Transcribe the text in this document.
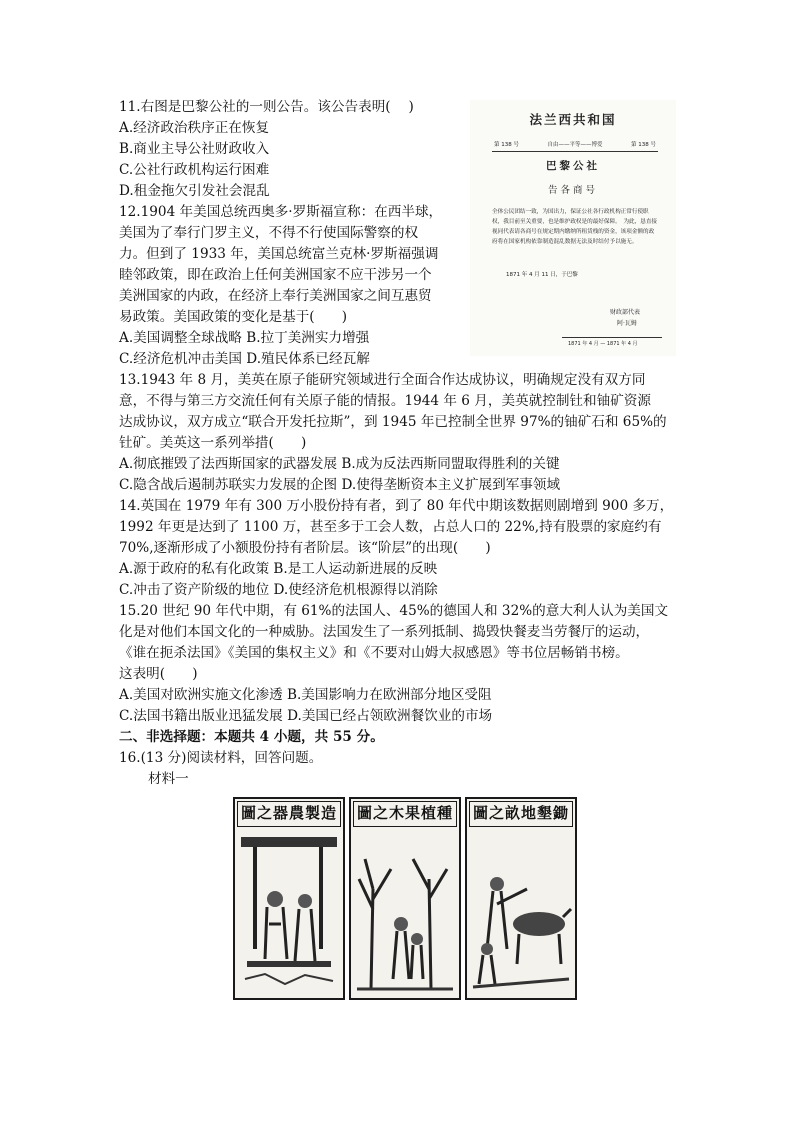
11.右图是巴黎公社的一则公告。该公告表明(　 )
A.经济政治秩序正在恢复
B.商业主导公社财政收入
C.公社行政机构运行困难
D.租金拖欠引发社会混乱
12.1904 年美国总统西奥多·罗斯福宣称：在西半球，
美国为了奉行门罗主义，不得不行使国际警察的权
力。但到了 1933 年，美国总统富兰克林·罗斯福强调
睦邻政策，即在政治上任何美洲国家不应干涉另一个
美洲国家的内政，在经济上奉行美洲国家之间互惠贸
易政策。美国政策的变化是基于(　　)
A.美国调整全球战略 B.拉丁美洲实力增强
C.经济危机冲击美国 D.殖民体系已经瓦解
13.1943 年 8 月，美英在原子能研究领域进行全面合作达成协议，明确规定没有双方同
意，不得与第三方交流任何有关原子能的情报。1944 年 6 月，美英就控制钍和铀矿资源
达成协议，双方成立“联合开发托拉斯”，到 1945 年已控制全世界 97%的铀矿石和 65%的
钍矿。美英这一系列举措(　　)
A.彻底摧毁了法西斯国家的武器发展 B.成为反法西斯同盟取得胜利的关键
C.隐含战后遏制苏联实力发展的企图 D.使得垄断资本主义扩展到军事领域
14.英国在 1979 年有 300 万小股份持有者，到了 80 年代中期该数据则剧增到 900 多万，
1992 年更是达到了 1100 万，甚至多于工会人数，占总人口的 22%,持有股票的家庭约有
70%,逐渐形成了小额股份持有者阶层。该“阶层”的出现(　　)
A.源于政府的私有化政策 B.是工人运动新进展的反映
C.冲击了资产阶级的地位 D.使经济危机根源得以消除
15.20 世纪 90 年代中期，有 61%的法国人、45%的德国人和 32%的意大利人认为美国文
化是对他们本国文化的一种威胁。法国发生了一系列抵制、捣毁快餐麦当劳餐厅的运动，
《谁在扼杀法国》《美国的集权主义》和《不要对山姆大叔感恩》等书位居畅销书榜。
这表明(　　)
A.美国对欧洲实施文化渗透 B.美国影响力在欧洲部分地区受阻
C.法国书籍出版业迅猛发展 D.美国已经占领欧洲餐饮业的市场
二、非选择题：本题共 4 小题，共 55 分。
16.(13 分)阅读材料，回答问题。
材料一
法兰西共和国
第 138 号	自由——平等——博爱	第 138 号
巴黎公社
告各商号
全体公民团结一致，为国出力，保证公社各行政机构正常行使职权，我目前至关重要，也是维护政权是的最好保障。　为此，恳直接视同代表请各商号在规定期内缴纳所租赁栈的资金，该项金额的政府将在国家机构依靠制造混乱数据无法及时结付予以施无。
1871 年 4 月 11 日，于巴黎
财政部代表
阿·瓦姆
1871 年 4 月 — 1871 年 4 月
造製農器之圖 種植果木之圖 鋤墾地畝之圖
